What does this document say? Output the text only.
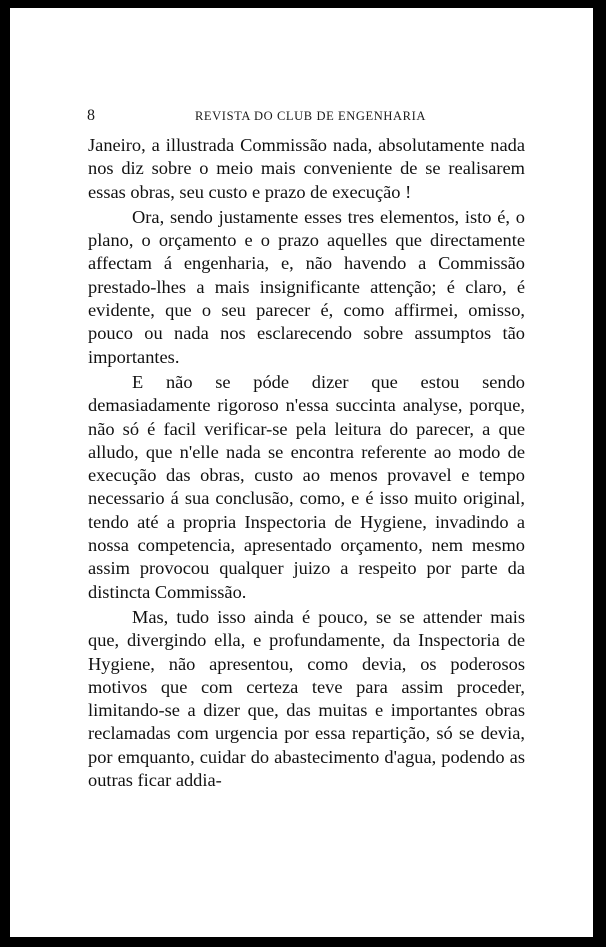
8	REVISTA DO CLUB DE ENGENHARIA

Janeiro, a illustrada Commissão nada, absolutamente nada nos diz sobre o meio mais conveniente de se realisarem essas obras, seu custo e prazo de execução !

Ora, sendo justamente esses tres elementos, isto é, o plano, o orçamento e o prazo aquelles que directamente affectam á engenharia, e, não havendo a Commissão prestado-lhes a mais insignificante attenção; é claro, é evidente, que o seu parecer é, como affirmei, omisso, pouco ou nada nos esclarecendo sobre assumptos tão importantes.

E não se póde dizer que estou sendo demasiadamente rigoroso n'essa succinta analyse, porque, não só é facil verificar-se pela leitura do parecer, a que alludo, que n'elle nada se encontra referente ao modo de execução das obras, custo ao menos provavel e tempo necessario á sua conclusão, como, e é isso muito original, tendo até a propria Inspectoria de Hygiene, invadindo a nossa competencia, apresentado orçamento, nem mesmo assim provocou qualquer juizo a respeito por parte da distincta Commissão.

Mas, tudo isso ainda é pouco, se se attender mais que, divergindo ella, e profundamente, da Inspectoria de Hygiene, não apresentou, como devia, os poderosos motivos que com certeza teve para assim proceder, limitando-se a dizer que, das muitas e importantes obras reclamadas com urgencia por essa repartição, só se devia, por emquanto, cuidar do abastecimento d'agua, podendo as outras ficar addia-
